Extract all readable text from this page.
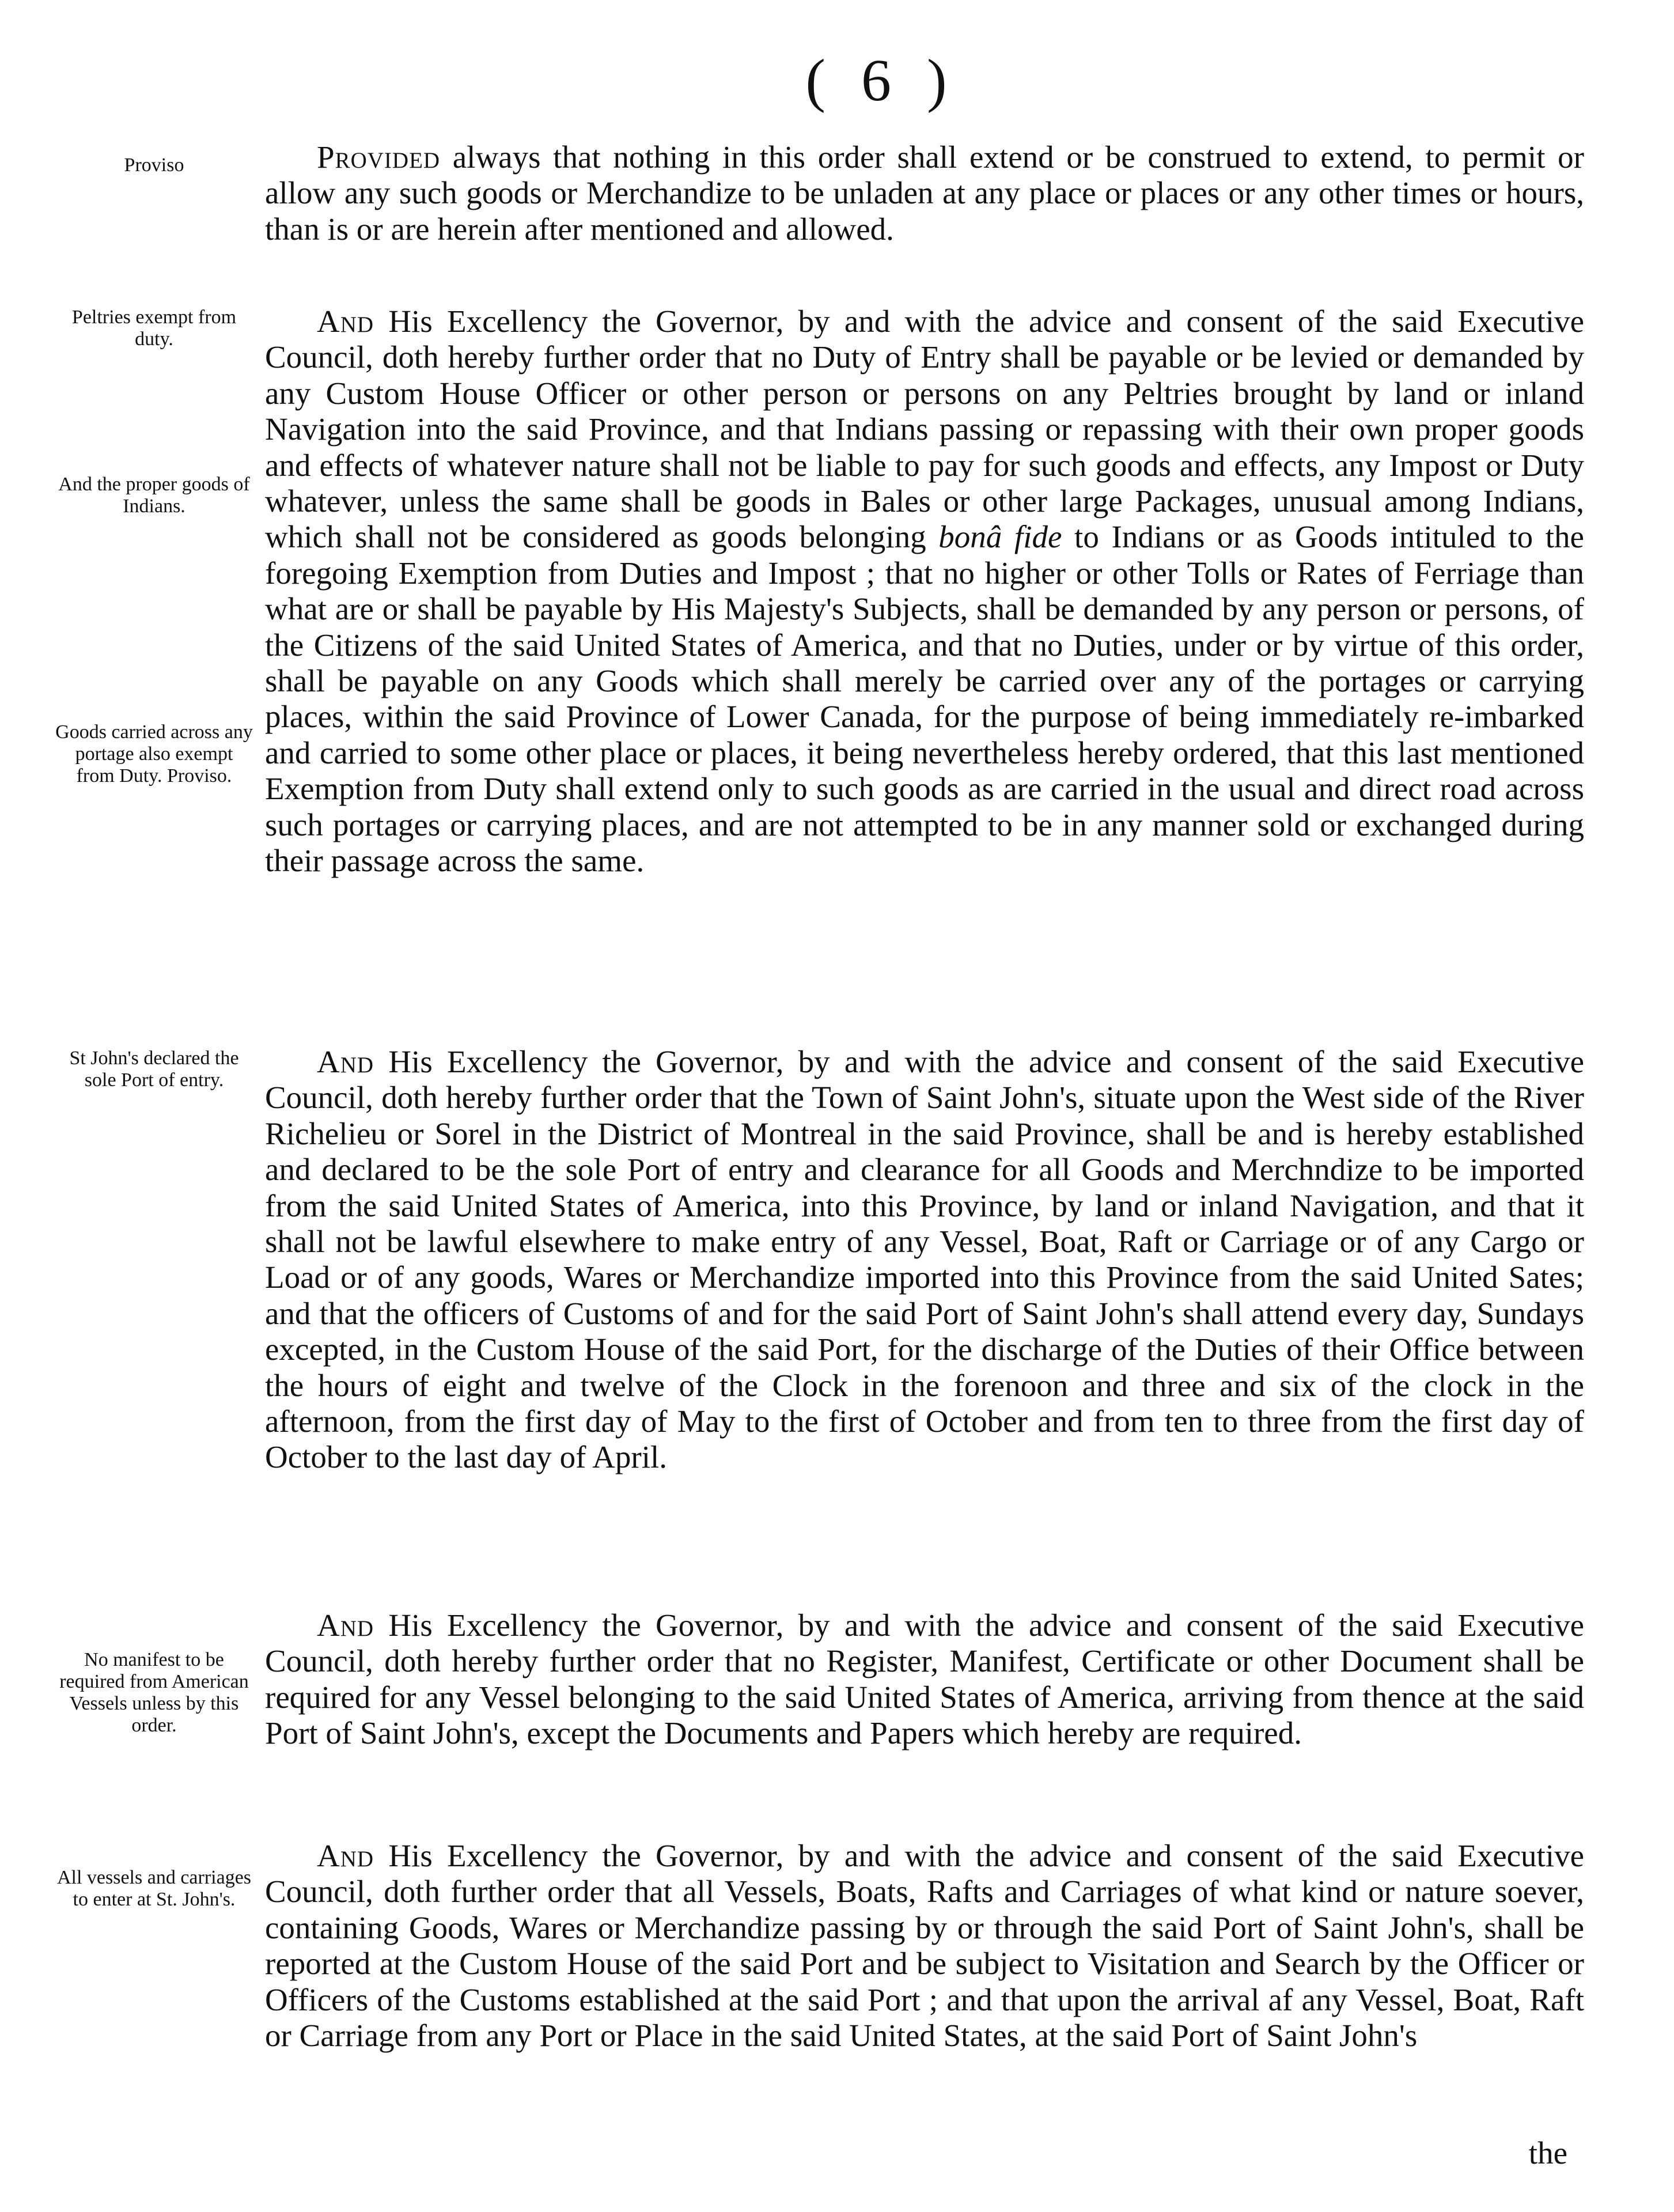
( 6 )
Proviso	Provided always that nothing in this order shall extend or be construed to extend, to permit or allow any such goods or Merchandize to be unladen at any place or places or any other times or hours, than is or are herein after mentioned and allowed.

Peltries exempt from duty.
And the proper goods of Indians.
Goods carried across any portage also exempt from Duty. Proviso.

And His Excellency the Governor, by and with the advice and consent of the said Executive Council, doth hereby further order that no Duty of Entry shall be payable or be levied or demanded by any Custom House Officer or other person or persons on any Peltries brought by land or inland Navigation into the said Province, and that Indians passing or repassing with their own proper goods and effects of whatever nature shall not be liable to pay for such goods and effects, any Impost or Duty whatever, unless the same shall be goods in Bales or other large Packages, unusual among Indians, which shall not be considered as goods belonging bonâ fide to Indians or as Goods intituled to the foregoing Exemption from Duties and Impost ; that no higher or other Tolls or Rates of Ferriage than what are or shall be payable by His Majesty's Subjects, shall be demanded by any person or persons, of the Citizens of the said United States of America, and that no Duties, under or by virtue of this order, shall be payable on any Goods which shall merely be carried over any of the portages or carrying places, within the said Province of Lower Canada, for the purpose of being immediately re-imbarked and carried to some other place or places, it being nevertheless hereby ordered, that this last mentioned Exemption from Duty shall extend only to such goods as are carried in the usual and direct road across such portages or carrying places, and are not attempted to be in any manner sold or exchanged during their passage across the same.

St John's declared the sole Port of entry.

And His Excellency the Governor, by and with the advice and consent of the said Executive Council, doth hereby further order that the Town of Saint John's, situate upon the West side of the River Richelieu or Sorel in the District of Montreal in the said Province, shall be and is hereby established and declared to be the sole Port of entry and clearance for all Goods and Merchndize to be imported from the said United States of America, into this Province, by land or inland Navigation, and that it shall not be lawful elsewhere to make entry of any Vessel, Boat, Raft or Carriage or of any Cargo or Load or of any goods, Wares or Merchandize imported into this Province from the said United Sates; and that the officers of Customs of and for the said Port of Saint John's shall attend every day, Sundays excepted, in the Custom House of the said Port, for the discharge of the Duties of their Office between the hours of eight and twelve of the Clock in the forenoon and three and six of the clock in the afternoon, from the first day of May to the first of October and from ten to three from the first day of October to the last day of April.

No manifest to be required from American Vessels unless by this order.

And His Excellency the Governor, by and with the advice and consent of the said Executive Council, doth hereby further order that no Register, Manifest, Certificate or other Document shall be required for any Vessel belonging to the said United States of America, arriving from thence at the said Port of Saint John's, except the Documents and Papers which hereby are required.

All vessels and carriages to enter at St. John's.

And His Excellency the Governor, by and with the advice and consent of the said Executive Council, doth further order that all Vessels, Boats, Rafts and Carriages of what kind or nature soever, containing Goods, Wares or Merchandize passing by or through the said Port of Saint John's, shall be reported at the Custom House of the said Port and be subject to Visitation and Search by the Officer or Officers of the Customs established at the said Port ; and that upon the arrival af any Vessel, Boat, Raft or Carriage from any Port or Place in the said United States, at the said Port of Saint John's

the
